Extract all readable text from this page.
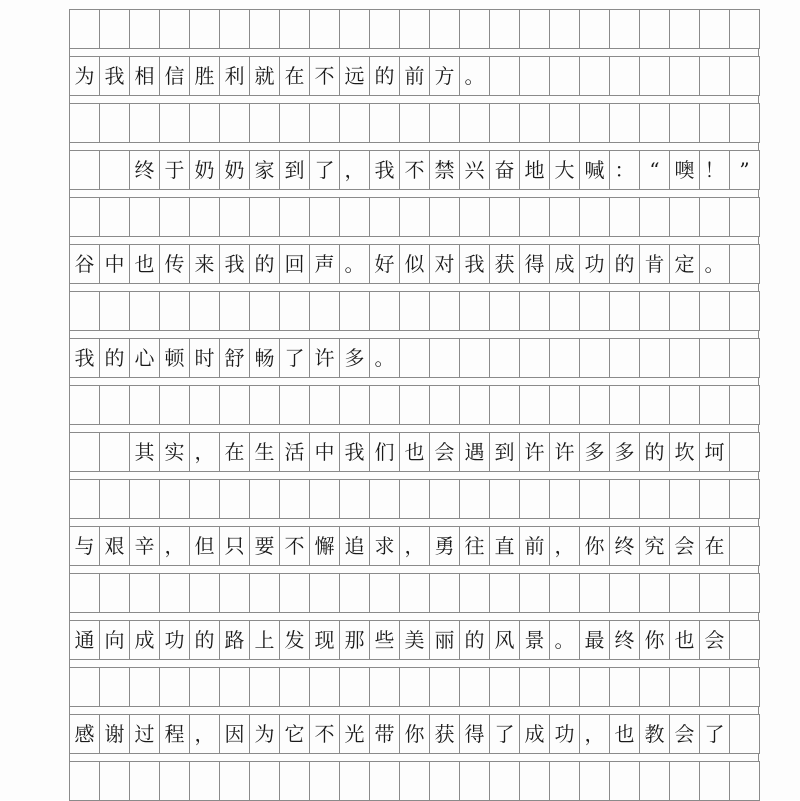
为 我 相 信 胜 利 就 在 不 远 的 前 方 。
终 于 奶 奶 家 到 了 ， 我 不 禁 兴 奋 地 大 喊 ： “ 噢 ！ ”
谷 中 也 传 来 我 的 回 声 。 好 似 对 我 获 得 成 功 的 肯 定 。
我 的 心 顿 时 舒 畅 了 许 多 。
其 实 ， 在 生 活 中 我 们 也 会 遇 到 许 许 多 多 的 坎 坷
与 艰 辛 ， 但 只 要 不 懈 追 求 ， 勇 往 直 前 ， 你 终 究 会 在
通 向 成 功 的 路 上 发 现 那 些 美 丽 的 风 景 。 最 终 你 也 会
感 谢 过 程 ， 因 为 它 不 光 带 你 获 得 了 成 功 ， 也 教 会 了
